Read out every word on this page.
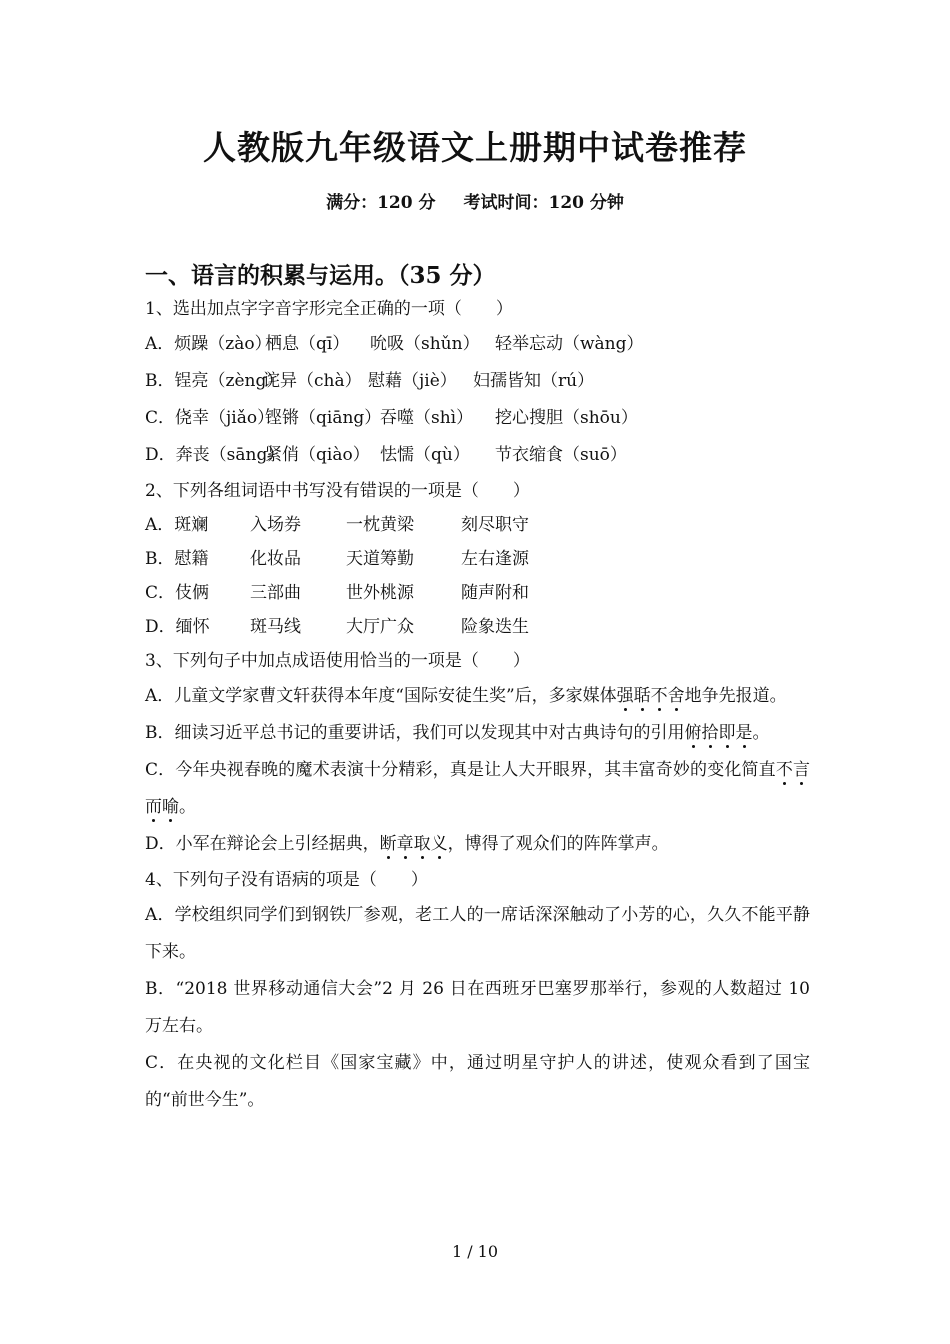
人教版九年级语文上册期中试卷推荐
满分：120 分 考试时间：120 分钟
一、语言的积累与运用。（35 分）
1、选出加点字字音字形完全正确的一项（　　）
A．烦躁（zào）栖息（qī） 吮吸（shǔn） 轻举忘动（wàng）
B．锃亮（zèng）诧异（chà） 慰藉（jiè） 妇孺皆知（rú）
C．侥幸（jiǎo）铿锵（qiāng）吞噬（shì） 挖心搜胆（shōu）
D．奔丧（sāng）紧俏（qiào） 怯懦（qù） 节衣缩食（suō）
2、下列各组词语中书写没有错误的一项是（　　）
A．斑斓 入场券	一枕黄梁	刻尽职守
B．慰籍 化妆品	天道筹勤	左右逢源
C．伎俩 三部曲	世外桃源	随声附和
D．缅怀 斑马线	大厅广众	险象迭生
3、下列句子中加点成语使用恰当的一项是（　　）

A．儿童文学家曹文轩获得本年度“国际安徒生奖”后，多家媒体强聒不舍地争先报道。

B．细读习近平总书记的重要讲话，我们可以发现其中对古典诗句的引用俯拾即是。

C．今年央视春晚的魔术表演十分精彩，真是让人大开眼界，其丰富奇妙的变化简直不言而喻。

D．小军在辩论会上引经据典，断章取义，博得了观众们的阵阵掌声。

4、下列句子没有语病的项是（　　）

A．学校组织同学们到钢铁厂参观，老工人的一席话深深触动了小芳的心，久久不能平静下来。

B．“2018 世界移动通信大会”2 月 26 日在西班牙巴塞罗那举行，参观的人数超过 10 万左右。

C．在央视的文化栏目《国家宝藏》中，通过明星守护人的讲述，使观众看到了国宝的“前世今生”。

1 / 10
